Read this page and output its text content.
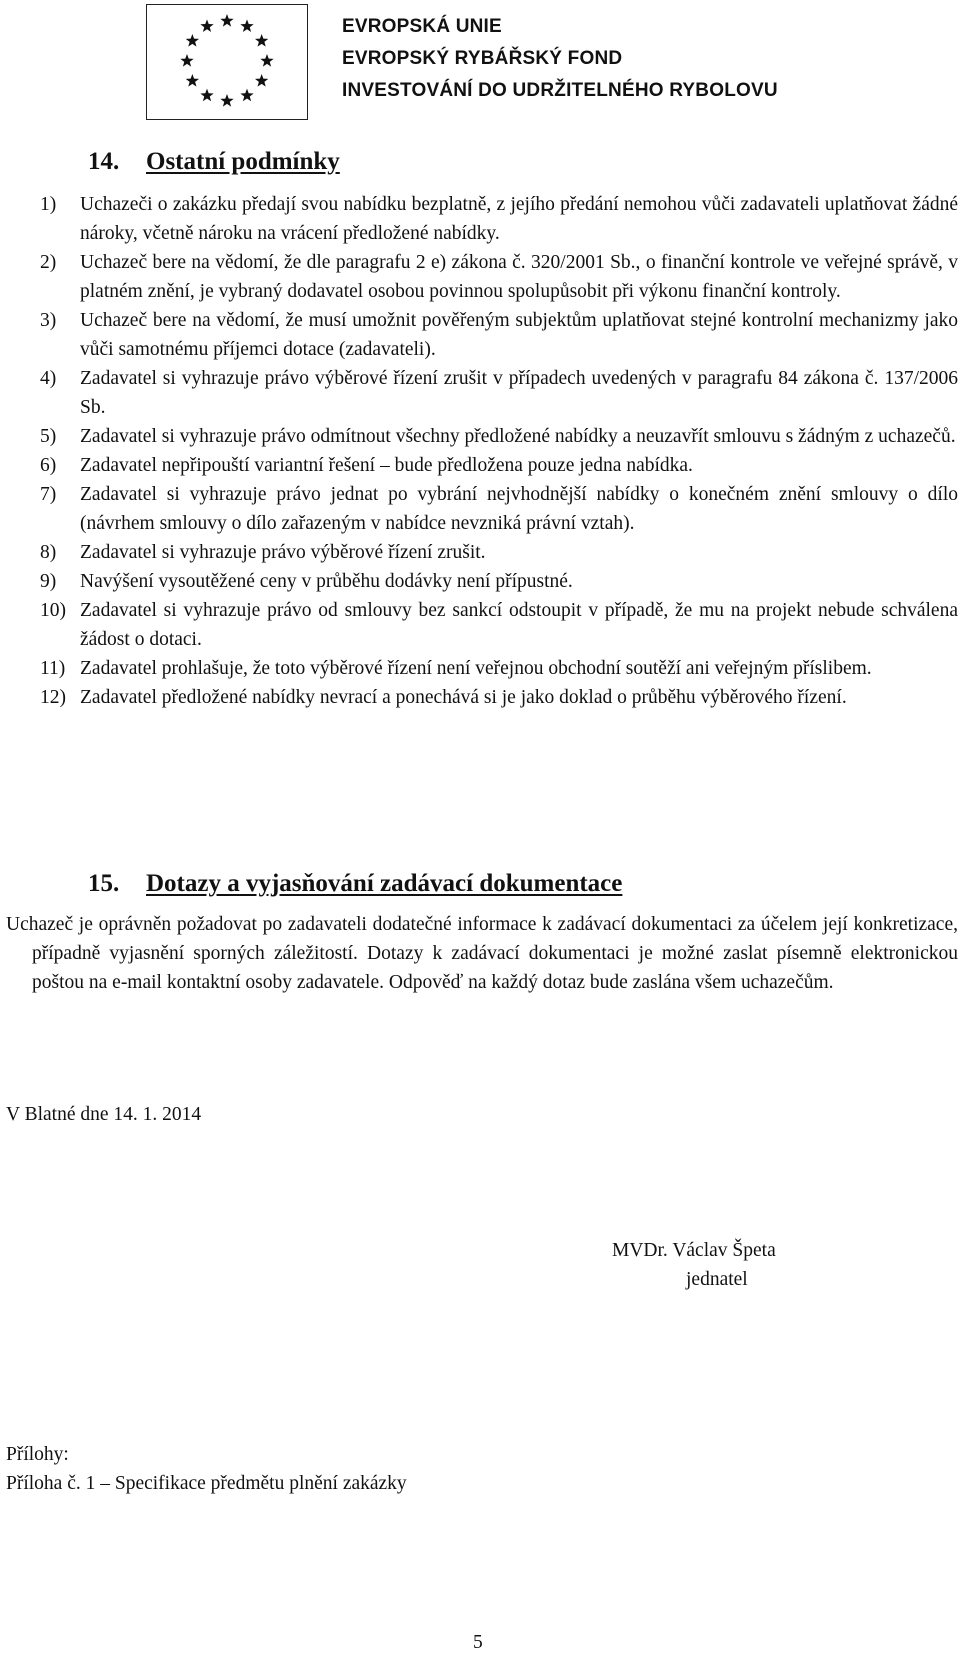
EVROPSKÁ UNIE
EVROPSKÝ RYBÁŘSKÝ FOND
INVESTOVÁNÍ DO UDRŽITELNÉHO RYBOLOVU
14. Ostatní podmínky
1) Uchazeči o zakázku předají svou nabídku bezplatně, z jejího předání nemohou vůči zadavateli uplatňovat žádné nároky, včetně nároku na vrácení předložené nabídky.
2) Uchazeč bere na vědomí, že dle paragrafu 2 e) zákona č. 320/2001 Sb., o finanční kontrole ve veřejné správě, v platném znění, je vybraný dodavatel osobou povinnou spolupůsobit při výkonu finanční kontroly.
3) Uchazeč bere na vědomí, že musí umožnit pověřeným subjektům uplatňovat stejné kontrolní mechanizmy jako vůči samotnému příjemci dotace (zadavateli).
4) Zadavatel si vyhrazuje právo výběrové řízení zrušit v případech uvedených v paragrafu 84 zákona č. 137/2006 Sb.
5) Zadavatel si vyhrazuje právo odmítnout všechny předložené nabídky a neuzavřít smlouvu s žádným z uchazečů.
6) Zadavatel nepřipouští variantní řešení – bude předložena pouze jedna nabídka.
7) Zadavatel si vyhrazuje právo jednat po vybrání nejvhodnější nabídky o konečném znění smlouvy o dílo (návrhem smlouvy o dílo zařazeným v nabídce nevzniká právní vztah).
8) Zadavatel si vyhrazuje právo výběrové řízení zrušit.
9) Navýšení vysoutěžené ceny v průběhu dodávky není přípustné.
10) Zadavatel si vyhrazuje právo od smlouvy bez sankcí odstoupit v případě, že mu na projekt nebude schválena žádost o dotaci.
11) Zadavatel prohlašuje, že toto výběrové řízení není veřejnou obchodní soutěží ani veřejným příslibem.
12) Zadavatel předložené nabídky nevrací a ponechává si je jako doklad o průběhu výběrového řízení.
15. Dotazy a vyjasňování zadávací dokumentace
Uchazeč je oprávněn požadovat po zadavateli dodatečné informace k zadávací dokumentaci za účelem její konkretizace, případně vyjasnění sporných záležitostí. Dotazy k zadávací dokumentaci je možné zaslat písemně elektronickou poštou na e-mail kontaktní osoby zadavatele. Odpověď na každý dotaz bude zaslána všem uchazečům.
V Blatné dne 14. 1. 2014
MVDr. Václav Špeta
jednatel
Přílohy:
Příloha č. 1 – Specifikace předmětu plnění zakázky
5
